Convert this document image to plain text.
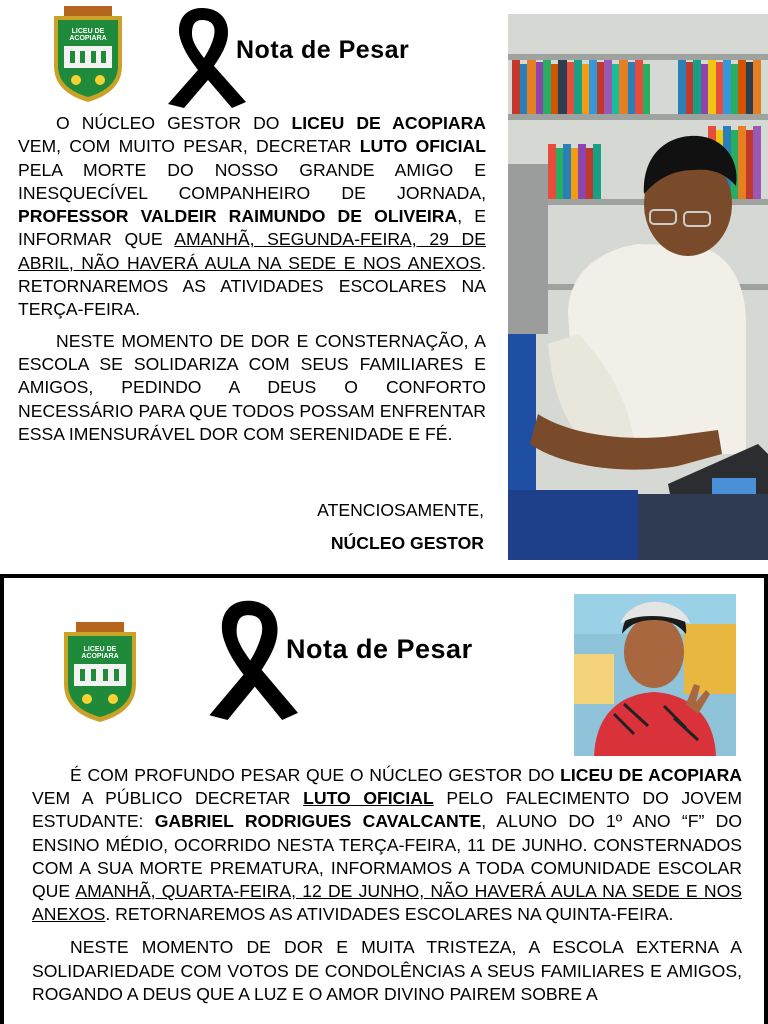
LICEU DE ACOPIARA	Nota de Pesar

O NÚCLEO GESTOR DO LICEU DE ACOPIARA VEM, COM MUITO PESAR, DECRETAR LUTO OFICIAL PELA MORTE DO NOSSO GRANDE AMIGO E INESQUECÍVEL COMPANHEIRO DE JORNADA, PROFESSOR VALDEIR RAIMUNDO DE OLIVEIRA, E INFORMAR QUE AMANHÃ, SEGUNDA-FEIRA, 29 DE ABRIL, NÃO HAVERÁ AULA NA SEDE E NOS ANEXOS. RETORNAREMOS AS ATIVIDADES ESCOLARES NA TERÇA-FEIRA.

NESTE MOMENTO DE DOR E CONSTERNAÇÃO, A ESCOLA SE SOLIDARIZA COM SEUS FAMILIARES E AMIGOS, PEDINDO A DEUS O CONFORTO NECESSÁRIO PARA QUE TODOS POSSAM ENFRENTAR ESSA IMENSURÁVEL DOR COM SERENIDADE E FÉ.

ATENCIOSAMENTE,
NÚCLEO GESTOR
LICEU DE ACOPIARA	Nota de Pesar

É COM PROFUNDO PESAR QUE O NÚCLEO GESTOR DO LICEU DE ACOPIARA VEM A PÚBLICO DECRETAR LUTO OFICIAL PELO FALECIMENTO DO JOVEM ESTUDANTE: GABRIEL RODRIGUES CAVALCANTE, ALUNO DO 1º ANO “F” DO ENSINO MÉDIO, OCORRIDO NESTA TERÇA-FEIRA, 11 DE JUNHO. CONSTERNADOS COM A SUA MORTE PREMATURA, INFORMAMOS A TODA COMUNIDADE ESCOLAR QUE AMANHÃ, QUARTA-FEIRA, 12 DE JUNHO, NÃO HAVERÁ AULA NA SEDE E NOS ANEXOS. RETORNAREMOS AS ATIVIDADES ESCOLARES NA QUINTA-FEIRA.

NESTE MOMENTO DE DOR E MUITA TRISTEZA, A ESCOLA EXTERNA A SOLIDARIEDADE COM VOTOS DE CONDOLÊNCIAS A SEUS FAMILIARES E AMIGOS, ROGANDO A DEUS QUE A LUZ E O AMOR DIVINO PAIREM SOBRE A
